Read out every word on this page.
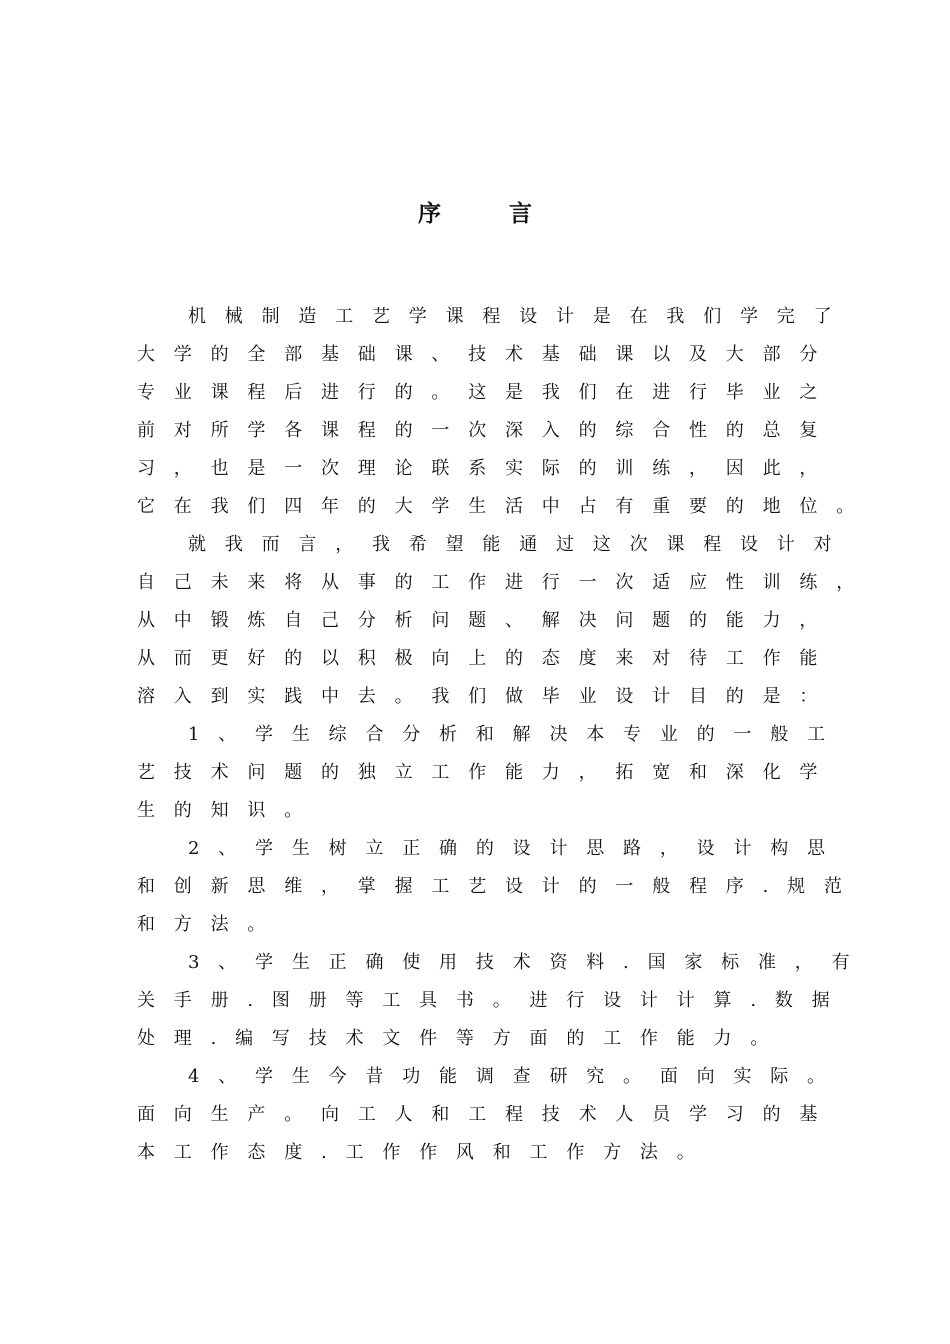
序 言
机械制造工艺学课程设计是在我们学完了
大学的全部基础课、技术基础课以及大部分
专业课程后进行的。这是我们在进行毕业之
前对所学各课程的一次深入的综合性的总复
习，也是一次理论联系实际的训练，因此，
它在我们四年的大学生活中占有重要的地位。
就我而言，我希望能通过这次课程设计对
自己未来将从事的工作进行一次适应性训练，
从中锻炼自己分析问题、解决问题的能力，
从而更好的以积极向上的态度来对待工作能
溶入到实践中去。我们做毕业设计目的是：
1、学生综合分析和解决本专业的一般工
艺技术问题的独立工作能力，拓宽和深化学
生的知识。
2、学生树立正确的设计思路，设计构思
和创新思维，掌握工艺设计的一般程序.规范
和方法。
3、学生正确使用技术资料.国家标准，有
关手册.图册等工具书。进行设计计算.数据
处理.编写技术文件等方面的工作能力。
4、学生今昔功能调查研究。面向实际。
面向生产。向工人和工程技术人员学习的基
本工作态度.工作作风和工作方法。
